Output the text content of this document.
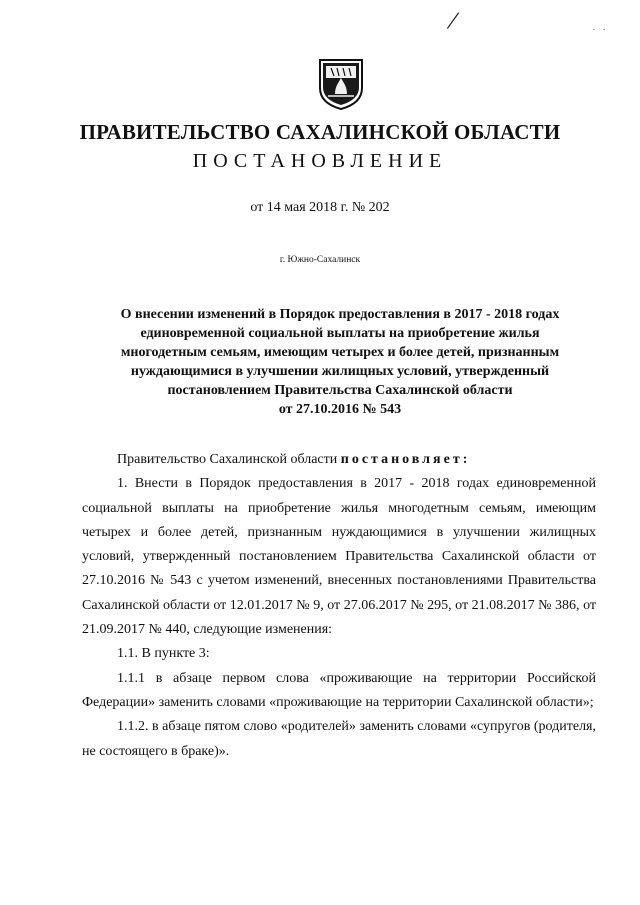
/	· ·
ПРАВИТЕЛЬСТВО САХАЛИНСКОЙ ОБЛАСТИ
ПОСТАНОВЛЕНИЕ
от 14 мая 2018 г. № 202
г. Южно-Сахалинск
О внесении изменений в Порядок предоставления в 2017 - 2018 годах
единовременной социальной выплаты на приобретение жилья
многодетным семьям, имеющим четырех и более детей, признанным
нуждающимися в улучшении жилищных условий, утвержденный
постановлением Правительства Сахалинской области
от 27.10.2016 № 543

Правительство Сахалинской области постановляет:

1. Внести в Порядок предоставления в 2017 - 2018 годах единовременной социальной выплаты на приобретение жилья многодетным семьям, имеющим четырех и более детей, признанным нуждающимися в улучшении жилищных условий, утвержденный постановлением Правительства Сахалинской области от 27.10.2016 № 543 с учетом изменений, внесенных постановлениями Правительства Сахалинской области от 12.01.2017 № 9, от 27.06.2017 № 295, от 21.08.2017 № 386, от 21.09.2017 № 440, следующие изменения:

1.1. В пункте 3:

1.1.1 в абзаце первом слова «проживающие на территории Российской Федерации» заменить словами «проживающие на территории Сахалинской области»;

1.1.2. в абзаце пятом слово «родителей» заменить словами «супругов (родителя, не состоящего в браке)».
